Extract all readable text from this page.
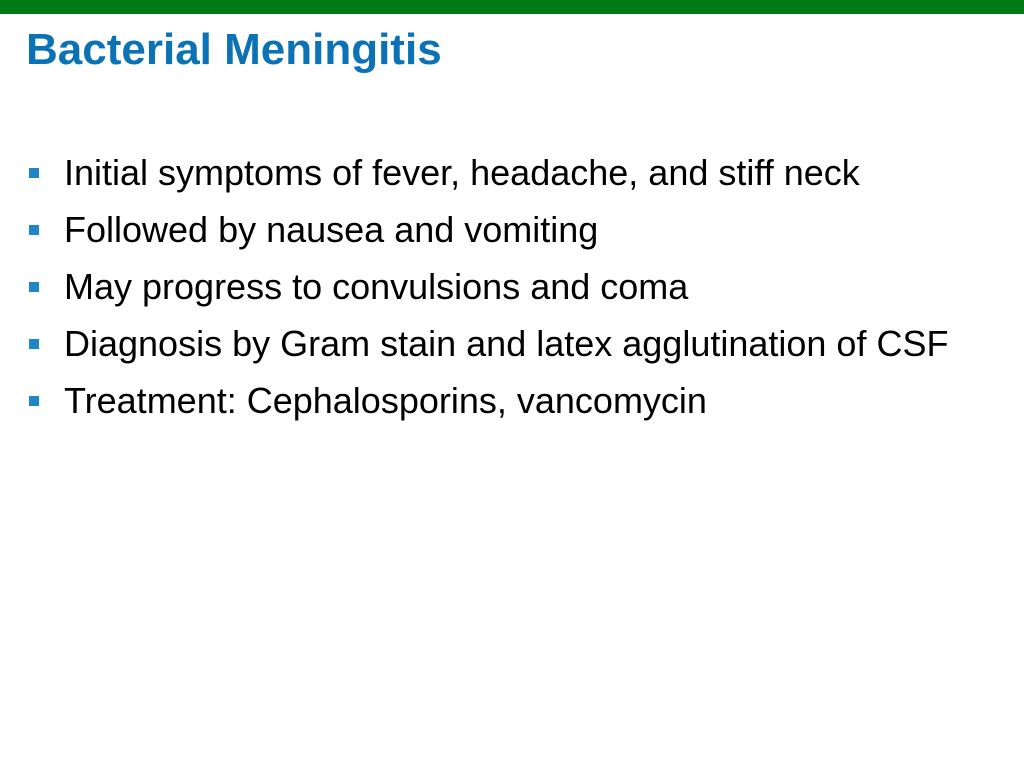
Bacterial Meningitis
Initial symptoms of fever, headache, and stiff neck
Followed by nausea and vomiting
May progress to convulsions and coma
Diagnosis by Gram stain and latex agglutination of CSF
Treatment: Cephalosporins, vancomycin
